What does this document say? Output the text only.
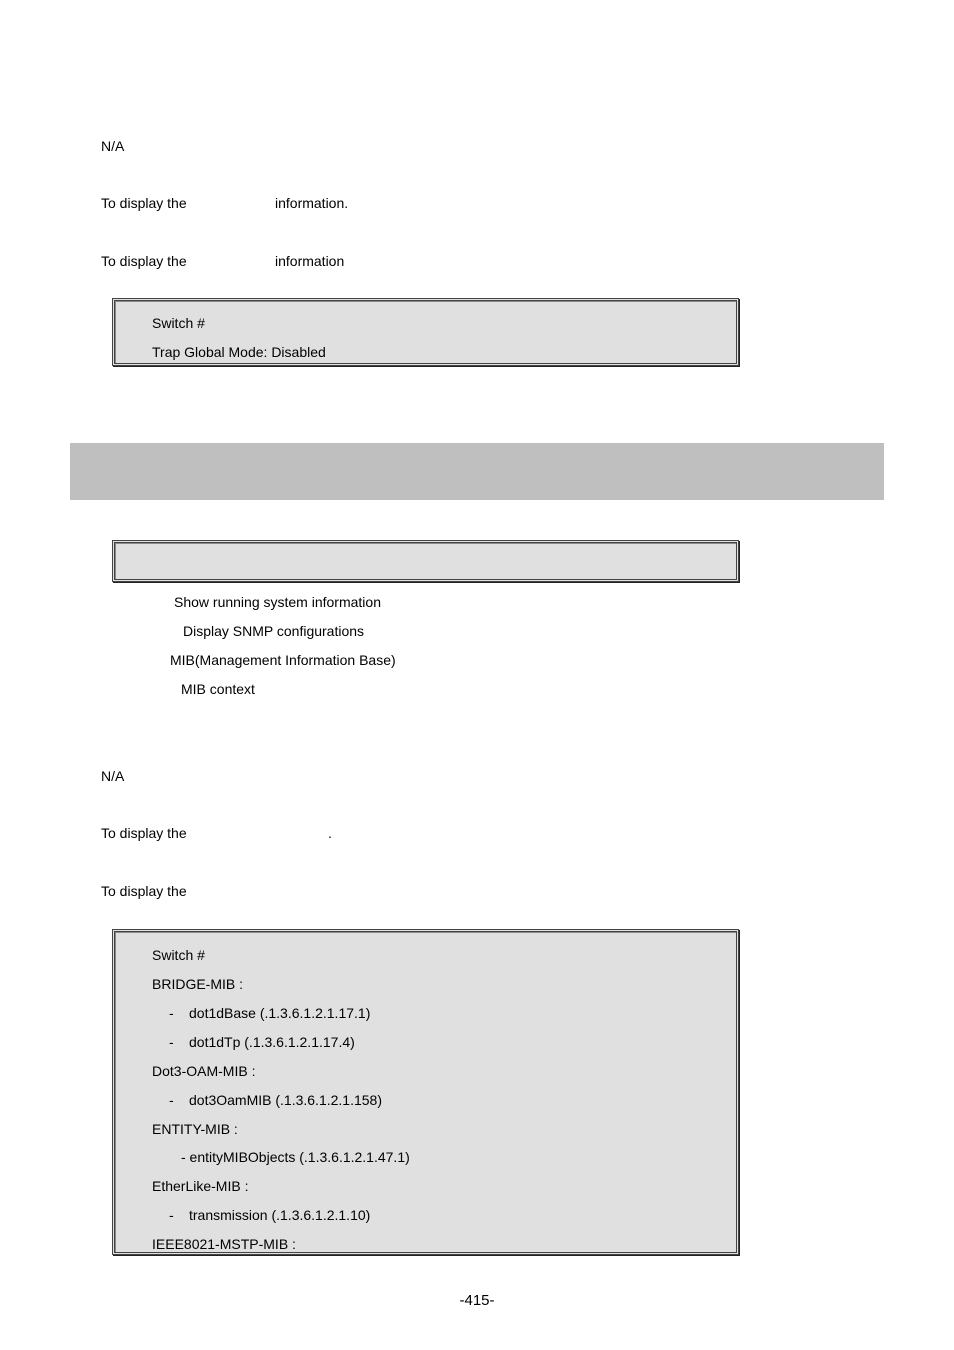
N/A
To display the	information.
To display the	information
Switch #
Trap Global Mode: Disabled
Show running system information
Display SNMP configurations
MIB(Management Information Base)
MIB context
N/A
To display the	.
To display the
Switch #
BRIDGE-MIB :
- dot1dBase (.1.3.6.1.2.1.17.1)
- dot1dTp (.1.3.6.1.2.1.17.4)
Dot3-OAM-MIB :
- dot3OamMIB (.1.3.6.1.2.1.158)
ENTITY-MIB :
- entityMIBObjects (.1.3.6.1.2.1.47.1)
EtherLike-MIB :
- transmission (.1.3.6.1.2.1.10)
IEEE8021-MSTP-MIB :
-415-
